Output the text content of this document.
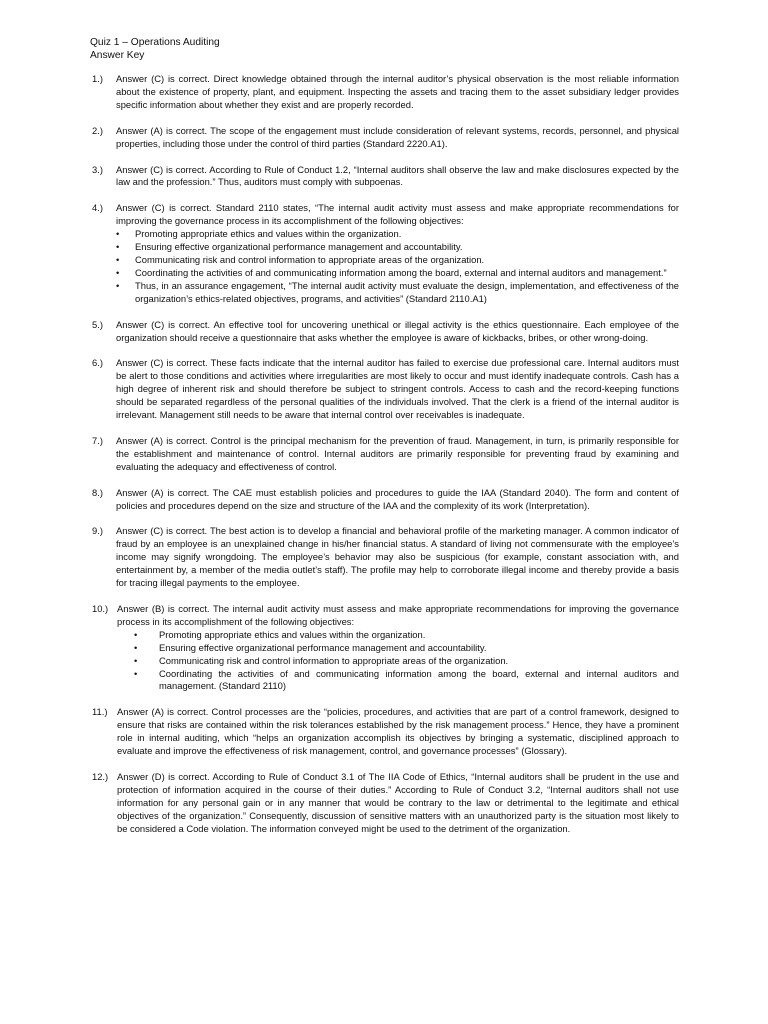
Quiz 1 – Operations Auditing
Answer Key
1.)	Answer (C) is correct. Direct knowledge obtained through the internal auditor’s physical observation is the most reliable information about the existence of property, plant, and equipment. Inspecting the assets and tracing them to the asset subsidiary ledger provides specific information about whether they exist and are properly recorded.

2.)	Answer (A) is correct. The scope of the engagement must include consideration of relevant systems, records, personnel, and physical properties, including those under the control of third parties (Standard 2220.A1).

3.)	Answer (C) is correct. According to Rule of Conduct 1.2, “Internal auditors shall observe the law and make disclosures expected by the law and the profession.” Thus, auditors must comply with subpoenas.

4.)	Answer (C) is correct. Standard 2110 states, “The internal audit activity must assess and make appropriate recommendations for improving the governance process in its accomplishment of the following objectives:

• Promoting appropriate ethics and values within the organization.
• Ensuring effective organizational performance management and accountability.
• Communicating risk and control information to appropriate areas of the organization.
• Coordinating the activities of and communicating information among the board, external and internal auditors and management.”
• Thus, in an assurance engagement, “The internal audit activity must evaluate the design, implementation, and effectiveness of the organization’s ethics-related objectives, programs, and activities” (Standard 2110.A1)
5.)	Answer (C) is correct. An effective tool for uncovering unethical or illegal activity is the ethics questionnaire. Each employee of the organization should receive a questionnaire that asks whether the employee is aware of kickbacks, bribes, or other wrong-doing.

6.)	Answer (C) is correct. These facts indicate that the internal auditor has failed to exercise due professional care. Internal auditors must be alert to those conditions and activities where irregularities are most likely to occur and must identify inadequate controls. Cash has a high degree of inherent risk and should therefore be subject to stringent controls. Access to cash and the record-keeping functions should be separated regardless of the personal qualities of the individuals involved. That the clerk is a friend of the internal auditor is irrelevant. Management still needs to be aware that internal control over receivables is inadequate.

7.)	Answer (A) is correct. Control is the principal mechanism for the prevention of fraud. Management, in turn, is primarily responsible for the establishment and maintenance of control. Internal auditors are primarily responsible for preventing fraud by examining and evaluating the adequacy and effectiveness of control.

8.)	Answer (A) is correct. The CAE must establish policies and procedures to guide the IAA (Standard 2040). The form and content of policies and procedures depend on the size and structure of the IAA and the complexity of its work (Interpretation).

9.)	Answer (C) is correct. The best action is to develop a financial and behavioral profile of the marketing manager. A common indicator of fraud by an employee is an unexplained change in his/her financial status. A standard of living not commensurate with the employee’s income may signify wrongdoing. The employee’s behavior may also be suspicious (for example, constant association with, and entertainment by, a member of the media outlet’s staff). The profile may help to corroborate illegal income and thereby provide a basis for tracing illegal payments to the employee.

10.) Answer (B) is correct. The internal audit activity must assess and make appropriate recommendations for improving the governance process in its accomplishment of the following objectives:

• Promoting appropriate ethics and values within the organization.
• Ensuring effective organizational performance management and accountability.
• Communicating risk and control information to appropriate areas of the organization.
• Coordinating the activities of and communicating information among the board, external and internal auditors and management. (Standard 2110)
11.)	Answer (A) is correct. Control processes are the “policies, procedures, and activities that are part of a control framework, designed to ensure that risks are contained within the risk tolerances established by the risk management process.” Hence, they have a prominent role in internal auditing, which “helps an organization accomplish its objectives by bringing a systematic, disciplined approach to evaluate and improve the effectiveness of risk management, control, and governance processes” (Glossary).

12.) Answer (D) is correct. According to Rule of Conduct 3.1 of The IIA Code of Ethics, “Internal auditors shall be prudent in the use and protection of information acquired in the course of their duties.” According to Rule of Conduct 3.2, “Internal auditors shall not use information for any personal gain or in any manner that would be contrary to the law or detrimental to the legitimate and ethical objectives of the organization.” Consequently, discussion of sensitive matters with an unauthorized party is the situation most likely to be considered a Code violation. The information conveyed might be used to the detriment of the organization.
